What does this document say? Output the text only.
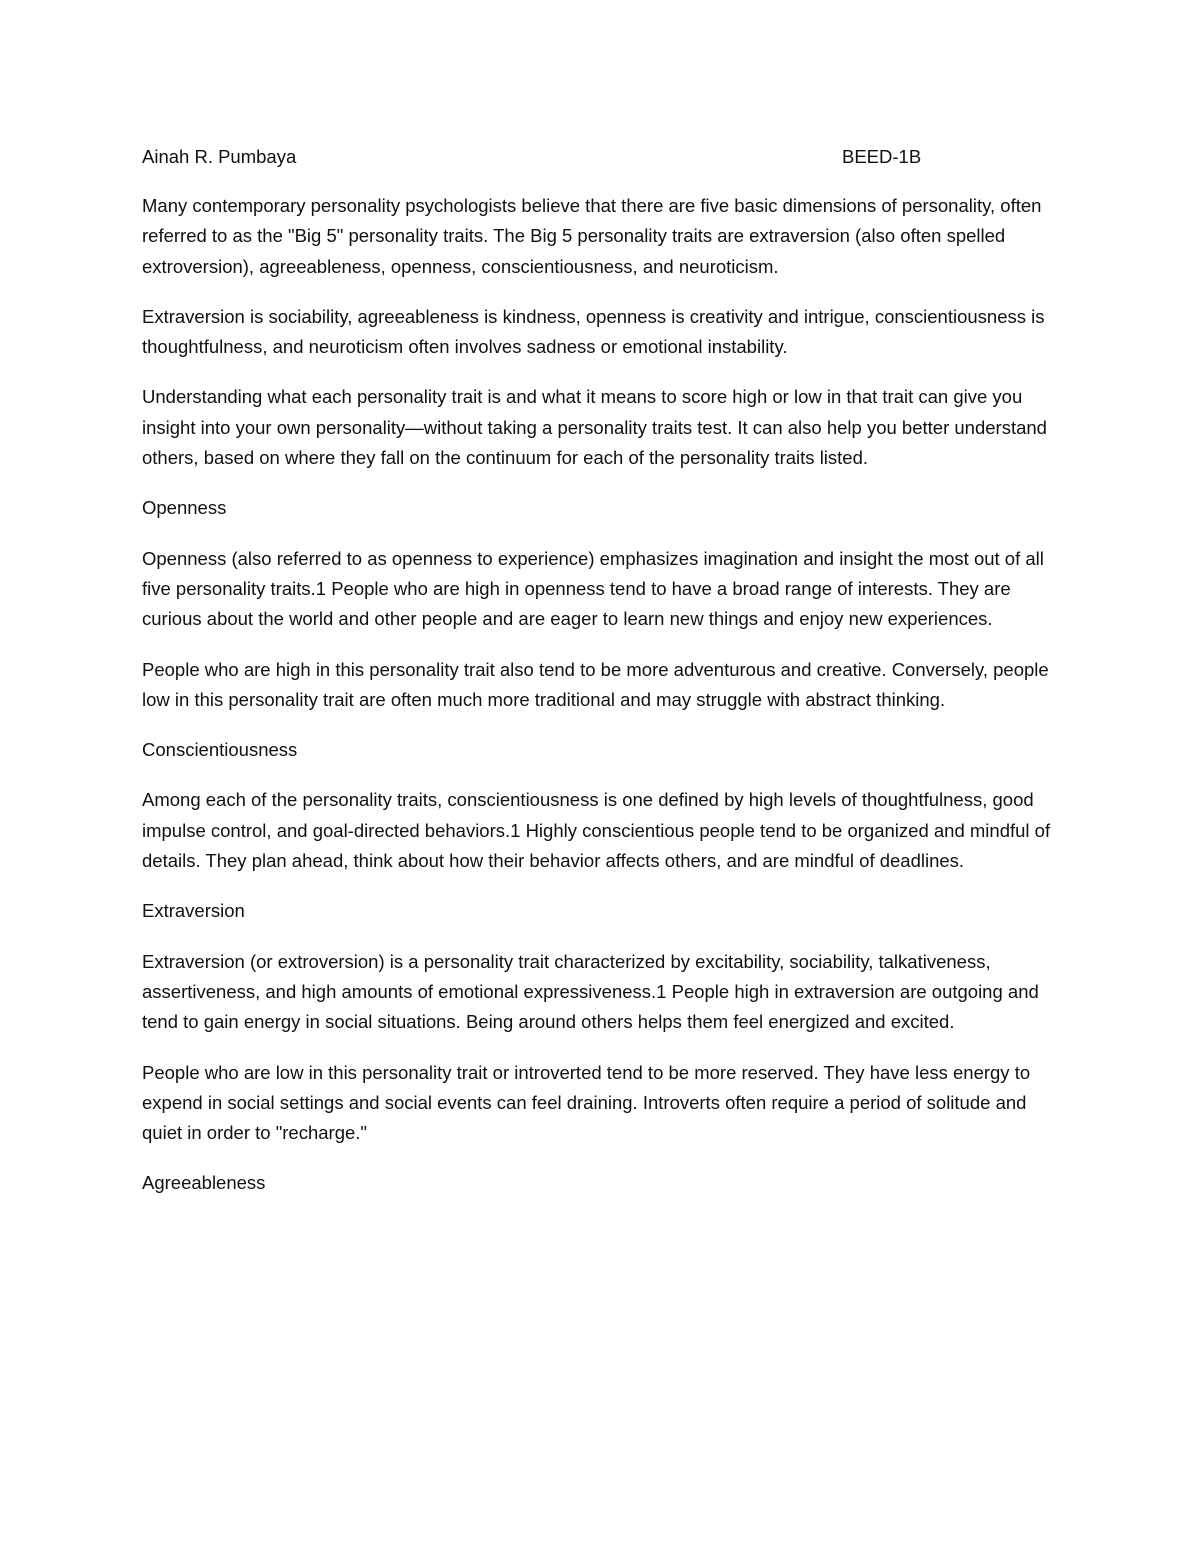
Ainah R. Pumbaya	BEED-1B

Many contemporary personality psychologists believe that there are five basic dimensions of personality, often referred to as the "Big 5" personality traits. The Big 5 personality traits are extraversion (also often spelled extroversion), agreeableness, openness, conscientiousness, and neuroticism.

Extraversion is sociability, agreeableness is kindness, openness is creativity and intrigue, conscientiousness is thoughtfulness, and neuroticism often involves sadness or emotional instability.

Understanding what each personality trait is and what it means to score high or low in that trait can give you insight into your own personality—without taking a personality traits test. It can also help you better understand others, based on where they fall on the continuum for each of the personality traits listed.

Openness

Openness (also referred to as openness to experience) emphasizes imagination and insight the most out of all five personality traits.1 People who are high in openness tend to have a broad range of interests. They are curious about the world and other people and are eager to learn new things and enjoy new experiences.

People who are high in this personality trait also tend to be more adventurous and creative. Conversely, people low in this personality trait are often much more traditional and may struggle with abstract thinking.

Conscientiousness

Among each of the personality traits, conscientiousness is one defined by high levels of thoughtfulness, good impulse control, and goal-directed behaviors.1 Highly conscientious people tend to be organized and mindful of details. They plan ahead, think about how their behavior affects others, and are mindful of deadlines.

Extraversion

Extraversion (or extroversion) is a personality trait characterized by excitability, sociability, talkativeness, assertiveness, and high amounts of emotional expressiveness.1 People high in extraversion are outgoing and tend to gain energy in social situations. Being around others helps them feel energized and excited.

People who are low in this personality trait or introverted tend to be more reserved. They have less energy to expend in social settings and social events can feel draining. Introverts often require a period of solitude and quiet in order to "recharge."

Agreeableness
